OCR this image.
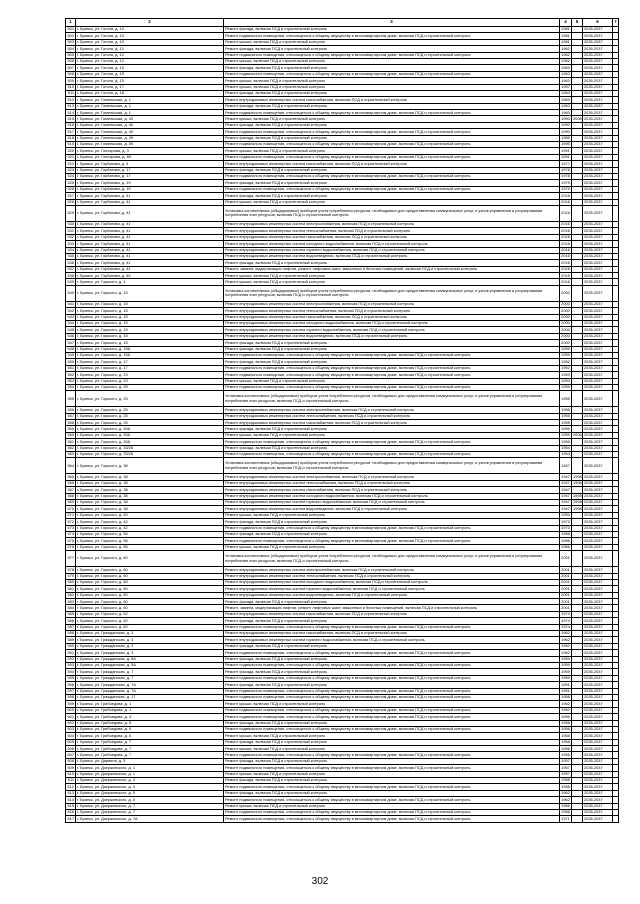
1	2	3	4	5	6	7
501	г. Брянск, ул. Гоголя, д. 10	Ремонт фасада, включая ПСД и строительный контроль	1981		2035-2037	
502	г. Брянск, ул. Гоголя, д. 10	Ремонт подвального помещения, относящегося к общему имуществу в многоквартирном доме, включая ПСД и строительный контроль	1981		2035-2037	
503	г. Брянск, ул. Гоголя, д. 10	Ремонт крыши, включая ПСД и строительный контроль	1981		2035-2037	
504	г. Брянск, ул. Гоголя, д. 12	Ремонт фасада, включая ПСД и строительный контроль	1962		2035-2037	
505	г. Брянск, ул. Гоголя, д. 12	Ремонт подвального помещения, относящегося к общему имуществу в многоквартирном доме, включая ПСД и строительный контроль	1962		2035-2037	
506	г. Брянск, ул. Гоголя, д. 12	Ремонт крыши, включая ПСД и строительный контроль	1962		2035-2037	
507	г. Брянск, ул. Гоголя, д. 15	Ремонт фасада, включая ПСД и строительный контроль	1963		2035-2037	
508	г. Брянск, ул. Гоголя, д. 15	Ремонт подвального помещения, относящегося к общему имуществу в многоквартирном доме, включая ПСД и строительный контроль	1963		2035-2037	
509	г. Брянск, ул. Гоголя, д. 15	Ремонт крыши, включая ПСД и строительный контроль	1963		2035-2037	
510	г. Брянск, ул. Гоголя, д. 17	Ремонт крыши, включая ПСД и строительный контроль	1957		2035-2037	
511	г. Брянск, ул. Гоголя, д. 18	Ремонт фасада, включая ПСД и строительный контроль	1964		2035-2037	
512	г. Брянск, ул. Гомельская, д. 1	Ремонт внутридомовых инженерных систем газоснабжения, включая ПСД и строительный контроль	1963		2035-2037	
513	г. Брянск, ул. Гомельская, д. 1	Ремонт фасада, включая ПСД и строительный контроль	1963		2035-2037	
514	г. Брянск, ул. Гомельская, д. 1	Ремонт подвального помещения, относящегося к общему имуществу в многоквартирном доме, включая ПСД и строительный контроль	1963		2035-2037	
515	г. Брянск, ул. Гомельская, д. 40	Ремонт крыши, включая ПСД и строительный контроль	1990	2008	2035-2037	
516	г. Брянск, ул. Гомельская, д. 40	Ремонт фасада, включая ПСД и строительный контроль	1990		2035-2037	
517	г. Брянск, ул. Гомельская, д. 40	Ремонт подвального помещения, относящегося к общему имуществу в многоквартирном доме, включая ПСД и строительный контроль	1990		2035-2037	
518	г. Брянск, ул. Гомельская, д. 49	Ремонт фасада, включая ПСД и строительный контроль	1989		2035-2037	
519	г. Брянск, ул. Гомельская, д. 59	Ремонт подвального помещения, относящегося к общему имуществу в многоквартирном доме, включая ПСД и строительный контроль	1995		2035-2037	
520	г. Брянск, ул. Гончарова, д. 3	Ремонт крыши, включая ПСД и строительный контроль	1991		2035-2037	
521	г. Брянск, ул. Гончарова, д. 65	Ремонт подвального помещения, относящегося к общему имуществу в многоквартирном доме, включая ПСД и строительный контроль	1991		2035-2037	
522	г. Брянск, ул. Горбатова, д. 4	Ремонт внутридомовых инженерных систем газоснабжения, включая ПСД и строительный контроль	1977		2035-2037	
523	г. Брянск, ул. Горбатова, д. 17	Ремонт фасада, включая ПСД и строительный контроль	1978		2035-2037	
524	г. Брянск, ул. Горбатова, д. 17	Ремонт подвального помещения, относящегося к общему имуществу в многоквартирном доме, включая ПСД и строительный контроль	1978		2035-2037	
525	г. Брянск, ул. Горбатова, д. 19	Ремонт фасада, включая ПСД и строительный контроль	1979		2035-2037	
526	г. Брянск, ул. Горбатова, д. 19	Ремонт подвального помещения, относящегося к общему имуществу в многоквартирном доме, включая ПСД и строительный контроль	1979		2035-2037	
527	г. Брянск, ул. Горбатова, д. 41	Ремонт фасада, включая ПСД и строительный контроль	2016		2035-2037	
528	г. Брянск, ул. Горбатова, д. 41	Ремонт крыши, включая ПСД и строительный контроль	2016		2035-2037	
529	г. Брянск, ул. Горбатова, д. 41	Установка коллективных (общедомовых) приборов учета потребления ресурсов, необходимых для предоставления коммунальных услуг, и узлов управления и регулирования потребления этих ресурсов, включая ПСД и строительный контроль	2016		2035-2037	
530	г. Брянск, ул. Горбатова, д. 41	Ремонт внутридомовых инженерных систем электроснабжения, включая ПСД и строительный контроль	2016		2035-2037	
531	г. Брянск, ул. Горбатова, д. 41	Ремонт внутридомовых инженерных систем теплоснабжения, включая ПСД и строительный контроль	2016		2035-2037	
532	г. Брянск, ул. Горбатова, д. 41	Ремонт внутридомовых инженерных систем газоснабжения, включая ПСД и строительный контроль	2016		2035-2037	
533	г. Брянск, ул. Горбатова, д. 41	Ремонт внутридомовых инженерных систем холодного водоснабжения, включая ПСД и строительный контроль	2016		2035-2037	
534	г. Брянск, ул. Горбатова, д. 41	Ремонт внутридомовых инженерных систем горячего водоснабжения, включая ПСД и строительный контроль	2016		2035-2037	
535	г. Брянск, ул. Горбатова, д. 41	Ремонт внутридомовых инженерных систем водоотведения, включая ПСД и строительный контроль	2016		2035-2037	
536	г. Брянск, ул. Горбатова, д. 41	Ремонт фасада, включая ПСД и строительный контроль	2016		2035-2037	
537	г. Брянск, ул. Горбатова, д. 41	Ремонт, замена, модернизация лифтов, ремонт лифтовых шахт, машинных и блочных помещений, включая ПСД и строительный контроль	2016		2035-2037	
538	г. Брянск, ул. Горбатова, д. 45	Ремонт крыши, включая ПСД и строительный контроль	2015		2035-2037	
539	г. Брянск, ул. Горького, д. 4	Ремонт крыши, включая ПСД и строительный контроль	2016		2035-2037	
540	г. Брянск, ул. Горького, д. 15	Установка коллективных (общедомовых) приборов учета потребления ресурсов, необходимых для предоставления коммунальных услуг, и узлов управления и регулирования потребления этих ресурсов, включая ПСД и строительный контроль	2000		2035-2037	
541	г. Брянск, ул. Горького, д. 15	Ремонт внутридомовых инженерных систем электроснабжения, включая ПСД и строительный контроль	2000		2035-2037	
542	г. Брянск, ул. Горького, д. 15	Ремонт внутридомовых инженерных систем теплоснабжения, включая ПСД и строительный контроль	2000		2035-2037	
543	г. Брянск, ул. Горького, д. 15	Ремонт внутридомовых инженерных систем газоснабжения, включая ПСД и строительный контроль	2000		2035-2037	
544	г. Брянск, ул. Горького, д. 15	Ремонт внутридомовых инженерных систем холодного водоснабжения, включая ПСД и строительный контроль	2000		2035-2037	
545	г. Брянск, ул. Горького, д. 15	Ремонт внутридомовых инженерных систем горячего водоснабжения, включая ПСД и строительный контроль	2000		2035-2037	
546	г. Брянск, ул. Горького, д. 15	Ремонт внутридомовых инженерных систем водоотведения, включая ПСД и строительный контроль	2000		2035-2037	
547	г. Брянск, ул. Горького, д. 15	Ремонт фасада, включая ПСД и строительный контроль	2000		2035-2037	
548	г. Брянск, ул. Горького, д. 15А	Ремонт фасада, включая ПСД и строительный контроль	1959		2035-2037	
549	г. Брянск, ул. Горького, д. 15А	Ремонт подвального помещения, относящегося к общему имуществу в многоквартирном доме, включая ПСД и строительный контроль	1959		2035-2037	
550	г. Брянск, ул. Горького, д. 17	Ремонт фасада, включая ПСД и строительный контроль	1952		2035-2037	
551	г. Брянск, ул. Горького, д. 17	Ремонт подвального помещения, относящегося к общему имуществу в многоквартирном доме, включая ПСД и строительный контроль	1952		2035-2037	
552	г. Брянск, ул. Горького, д. 23	Ремонт подвального помещения, относящегося к общему имуществу в многоквартирном доме, включая ПСД и строительный контроль	1953		2035-2037	
553	г. Брянск, ул. Горького, д. 23	Ремонт крыши, включая ПСД и строительный контроль	1953		2035-2037	
554	г. Брянск, ул. Горького, д. 25	Ремонт подвального помещения, относящегося к общему имуществу в многоквартирном доме, включая ПСД и строительный контроль	1955		2035-2037	
555	г. Брянск, ул. Горького, д. 25	Установка коллективных (общедомовых) приборов учета потребления ресурсов, необходимых для предоставления коммунальных услуг, и узлов управления и регулирования потребления этих ресурсов, включая ПСД и строительный контроль	1955		2035-2037	
556	г. Брянск, ул. Горького, д. 25	Ремонт внутридомовых инженерных систем электроснабжения, включая ПСД и строительный контроль	1955		2035-2037	
557	г. Брянск, ул. Горького, д. 25	Ремонт внутридомовых инженерных систем теплоснабжения, включая ПСД и строительный контроль	1955		2035-2037	
558	г. Брянск, ул. Горького, д. 25	Ремонт внутридомовых инженерных систем газоснабжения, включая ПСД и строительный контроль	1955		2035-2037	
559	г. Брянск, ул. Горького, д. 30А	Ремонт фасада, включая ПСД и строительный контроль	1959		2035-2037	
560	г. Брянск, ул. Горького, д. 30А	Ремонт крыши, включая ПСД и строительный контроль	1959	2006	2035-2037	
561	г. Брянск, ул. Горького, д. 30А	Ремонт подвального помещения, относящегося к общему имуществу в многоквартирном доме, включая ПСД и строительный контроль	1959		2035-2037	
562	г. Брянск, ул. Горького, д. 33/26	Ремонт фасада, включая ПСД и строительный контроль	1954		2035-2037	
563	г. Брянск, ул. Горького, д. 33/26	Ремонт подвального помещения, относящегося к общему имуществу в многоквартирном доме, включая ПСД и строительный контроль	1954		2035-2037	
564	г. Брянск, ул. Горького, д. 38	Установка коллективных (общедомовых) приборов учета потребления ресурсов, необходимых для предоставления коммунальных услуг, и узлов управления и регулирования потребления этих ресурсов, включая ПСД и строительный контроль	1947		2035-2037	
565	г. Брянск, ул. Горького, д. 38	Ремонт внутридомовых инженерных систем электроснабжения, включая ПСД и строительный контроль	1947	1998	2035-2037	
566	г. Брянск, ул. Горького, д. 38	Ремонт внутридомовых инженерных систем теплоснабжения, включая ПСД и строительный контроль	1947	1998	2035-2037	
567	г. Брянск, ул. Горького, д. 38	Ремонт внутридомовых инженерных систем газоснабжения, включая ПСД и строительный контроль	1947		2035-2037	
568	г. Брянск, ул. Горького, д. 38	Ремонт внутридомовых инженерных систем холодного водоснабжения, включая ПСД и строительный контроль	1947	1998	2035-2037	
569	г. Брянск, ул. Горького, д. 38	Ремонт внутридомовых инженерных систем горячего водоснабжения, включая ПСД и строительный контроль	1947	1998	2035-2037	
570	г. Брянск, ул. Горького, д. 38	Ремонт внутридомовых инженерных систем водоотведения, включая ПСД и строительный контроль	1947	1998	2035-2037	
571	г. Брянск, ул. Горького, д. 40	Ремонт крыши, включая ПСД и строительный контроль	1953		2035-2037	
572	г. Брянск, ул. Горького, д. 42	Ремонт фасада, включая ПСД и строительный контроль	1973		2035-2037	
573	г. Брянск, ул. Горького, д. 42	Ремонт подвального помещения, относящегося к общему имуществу в многоквартирном доме, включая ПСД и строительный контроль	1973		2035-2037	
574	г. Брянск, ул. Горького, д. 56	Ремонт фасада, включая ПСД и строительный контроль	1966		2035-2037	
575	г. Брянск, ул. Горького, д. 56	Ремонт подвального помещения, относящегося к общему имуществу в многоквартирном доме, включая ПСД и строительный контроль	1966		2035-2037	
576	г. Брянск, ул. Горького, д. 56	Ремонт крыши, включая ПСД и строительный контроль	1966		2035-2037	
577	г. Брянск, ул. Горького, д. 60	Установка коллективных (общедомовых) приборов учета потребления ресурсов, необходимых для предоставления коммунальных услуг, и узлов управления и регулирования потребления этих ресурсов, включая ПСД и строительный контроль	2001		2035-2037	
578	г. Брянск, ул. Горького, д. 60	Ремонт внутридомовых инженерных систем электроснабжения, включая ПСД и строительный контроль	2001		2035-2037	
579	г. Брянск, ул. Горького, д. 60	Ремонт внутридомовых инженерных систем теплоснабжения, включая ПСД и строительный контроль	2001		2035-2037	
580	г. Брянск, ул. Горького, д. 60	Ремонт внутридомовых инженерных систем холодного водоснабжения, включая ПСД и строительный контроль	2001		2035-2037	
581	г. Брянск, ул. Горького, д. 60	Ремонт внутридомовых инженерных систем горячего водоснабжения, включая ПСД и строительный контроль	2001		2035-2037	
582	г. Брянск, ул. Горького, д. 60	Ремонт внутридомовых инженерных систем водоотведения, включая ПСД и строительный контроль	2001		2035-2037	
583	г. Брянск, ул. Горького, д. 60	Ремонт фасада, включая ПСД и строительный контроль	2001		2035-2037	
584	г. Брянск, ул. Горького, д. 60	Ремонт, замена, модернизация лифтов, ремонт лифтовых шахт, машинных и блочных помещений, включая ПСД и строительный контроль	2001		2035-2037	
585	г. Брянск, ул. Горького, д. 62	Ремонт внутридомовых инженерных систем газоснабжения, включая ПСД и строительный контроль	1974		2035-2037	
586	г. Брянск, ул. Горького, д. 62	Ремонт фасада, включая ПСД и строительный контроль	1974		2035-2037	
587	г. Брянск, ул. Горького, д. 62	Ремонт подвального помещения, относящегося к общему имуществу в многоквартирном доме, включая ПСД и строительный контроль	1974		2035-2037	
588	г. Брянск, ул. Гражданская, д. 3	Ремонт внутридомовых инженерных систем газоснабжения, включая ПСД и строительный контроль	1962		2035-2037	
589	г. Брянск, ул. Гражданская, д. 3	Ремонт внутридомовых инженерных систем горячего водоснабжения, включая ПСД и строительный контроль	1962		2035-2037	
590	г. Брянск, ул. Гражданская, д. 3	Ремонт фасада, включая ПСД и строительный контроль	1962		2035-2037	
591	г. Брянск, ул. Гражданская, д. 3	Ремонт подвального помещения, относящегося к общему имуществу в многоквартирном доме, включая ПСД и строительный контроль	1962		2035-2037	
592	г. Брянск, ул. Гражданская, д. 5А	Ремонт фасада, включая ПСД и строительный контроль	1959		2035-2037	
593	г. Брянск, ул. Гражданская, д. 5А	Ремонт подвального помещения, относящегося к общему имуществу в многоквартирном доме, включая ПСД и строительный контроль	1959		2035-2037	
594	г. Брянск, ул. Гражданская, д. 7	Ремонт фасада, включая ПСД и строительный контроль	1959		2035-2037	
595	г. Брянск, ул. Гражданская, д. 7	Ремонт подвального помещения, относящегося к общему имуществу в многоквартирном доме, включая ПСД и строительный контроль	1959		2035-2037	
596	г. Брянск, ул. Гражданская, д. 7А	Ремонт фасада, включая ПСД и строительный контроль	1951		2035-2037	
597	г. Брянск, ул. Гражданская, д. 7А	Ремонт подвального помещения, относящегося к общему имуществу в многоквартирном доме, включая ПСД и строительный контроль	1951		2035-2037	
598	г. Брянск, ул. Гражданская, д. 17	Ремонт подвального помещения, относящегося к общему имуществу в многоквартирном доме, включая ПСД и строительный контроль	1958		2035-2037	
599	г. Брянск, ул. Грибоедова, д. 1	Ремонт крыши, включая ПСД и строительный контроль	1962		2035-2037	
600	г. Брянск, ул. Грибоедова, д. 1	Ремонт подвального помещения, относящегося к общему имуществу в многоквартирном доме, включая ПСД и строительный контроль	1962		2035-2037	
601	г. Брянск, ул. Грибоедова, д. 3	Ремонт подвального помещения, относящегося к общему имуществу в многоквартирном доме, включая ПСД и строительный контроль	1959		2035-2037	
602	г. Брянск, ул. Грибоедова, д. 5	Ремонт фасада, включая ПСД и строительный контроль	1958		2035-2037	
603	г. Брянск, ул. Грибоедова, д. 5	Ремонт подвального помещения, относящегося к общему имуществу в многоквартирном доме, включая ПСД и строительный контроль	1958		2035-2037	
604	г. Брянск, ул. Грибоедова, д. 5	Ремонт крыши, включая ПСД и строительный контроль	1958		2035-2037	
605	г. Брянск, ул. Грибоедова, д. 7	Ремонт фасада, включая ПСД и строительный контроль	1956		2035-2037	
606	г. Брянск, ул. Грибоедова, д. 7	Ремонт крыши, включая ПСД и строительный контроль	1956		2035-2037	
607	г. Брянск, ул. Грибоедова, д. 7	Ремонт подвального помещения, относящегося к общему имуществу в многоквартирном доме, включая ПСД и строительный контроль	1956		2035-2037	
608	г. Брянск, ул. Дарвина, д. 5	Ремонт фасада, включая ПСД и строительный контроль	1957		2035-2037	
609	г. Брянск, ул. Дзержинского, д. 1	Ремонт подвального помещения, относящегося к общему имуществу в многоквартирном доме, включая ПСД и строительный контроль	1957		2035-2037	
610	г. Брянск, ул. Дзержинского, д. 1	Ремонт крыши, включая ПСД и строительный контроль	1957		2035-2037	
611	г. Брянск, ул. Дзержинского, д. 3	Ремонт фасада, включая ПСД и строительный контроль	1958		2035-2037	
612	г. Брянск, ул. Дзержинского, д. 3	Ремонт подвального помещения, относящегося к общему имуществу в многоквартирном доме, включая ПСД и строительный контроль	1958		2035-2037	
613	г. Брянск, ул. Дзержинского, д. 5	Ремонт фасада, включая ПСД и строительный контроль	1962		2035-2037	
614	г. Брянск, ул. Дзержинского, д. 5	Ремонт подвального помещения, относящегося к общему имуществу в многоквартирном доме, включая ПСД и строительный контроль	1962		2035-2037	
615	г. Брянск, ул. Дзержинского, д. 7	Ремонт крыши, включая ПСД и строительный контроль	1966		2035-2037	
616	г. Брянск, ул. Дзержинского, д. 7	Ремонт подвального помещения, относящегося к общему имуществу в многоквартирном доме, включая ПСД и строительный контроль	1966		2035-2037	
617	г. Брянск, ул. Дзержинского, д. 7А	Ремонт подвального помещения, относящегося к общему имуществу в многоквартирном доме, включая ПСД и строительный контроль	1971		2035-2037	
302
